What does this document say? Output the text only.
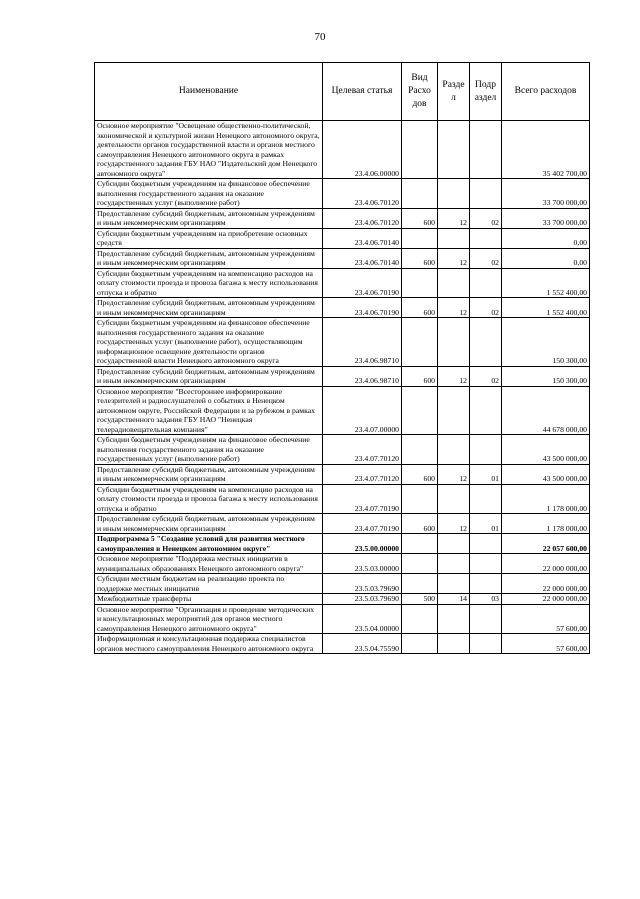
70
Наименование	Целевая статья	Вид Расхо дов	Разде л	Подр аздел	Всего расходов
Основное мероприятие "Освещение общественно-политической, экономической и культурной жизни Ненецкого автономного округа, деятельности органов государственной власти и органов местного самоуправления Ненецкого автономного округа в рамках государственного задания ГБУ НАО "Издательский дом Ненецкого автономного округа"	23.4.06.00000				35 402 700,00
Субсидии бюджетным учреждениям на финансовое обеспечение выполнения государственного задания на оказание государственных услуг (выполнение работ)	23.4.06.70120				33 700 000,00
Предоставление субсидий бюджетным, автономным учреждениям и иным некоммерческим организациям	23.4.06.70120	600	12	02	33 700 000,00
Субсидии бюджетным учреждениям на приобретение основных средств	23.4.06.70140				0,00
Предоставление субсидий бюджетным, автономным учреждениям и иным некоммерческим организациям	23.4.06.70140	600	12	02	0,00
Субсидии бюджетным учреждениям на компенсацию расходов на оплату стоимости проезда и провоза багажа к месту использования отпуска и обратно	23.4.06.70190				1 552 400,00
Предоставление субсидий бюджетным, автономным учреждениям и иным некоммерческим организациям	23.4.06.70190	600	12	02	1 552 400,00
Субсидии бюджетным учреждениям на финансовое обеспечение выполнения государственного задания на оказание государственных услуг (выполнение работ), осуществляющим информационное освещение деятельности органов государственной власти Ненецкого автономного округа	23.4.06.98710				150 300,00
Предоставление субсидий бюджетным, автономным учреждениям и иным некоммерческим организациям	23.4.06.98710	600	12	02	150 300,00
Основное мероприятие "Всестороннее информирование телезрителей и радиослушателей о событиях в Ненецком автономном округе, Российской Федерации и за рубежом в рамках государственного задания ГБУ НАО "Ненецкая телерадиовещательная компания"	23.4.07.00000				44 678 000,00
Субсидии бюджетным учреждениям на финансовое обеспечение выполнения государственного задания на оказание государственных услуг (выполнение работ)	23.4.07.70120				43 500 000,00
Предоставление субсидий бюджетным, автономным учреждениям и иным некоммерческим организациям	23.4.07.70120	600	12	01	43 500 000,00
Субсидии бюджетным учреждениям на компенсацию расходов на оплату стоимости проезда и провоза багажа к месту использования отпуска и обратно	23.4.07.70190				1 178 000,00
Предоставление субсидий бюджетным, автономным учреждениям и иным некоммерческим организациям	23.4.07.70190	600	12	01	1 178 000,00
Подпрограмма 5 "Создание условий для развития местного самоуправления в Ненецком автономном округе"	23.5.00.00000				22 057 600,00
Основное мероприятие "Поддержка местных инициатив в муниципальных образованиях Ненецкого автономного округа"	23.5.03.00000				22 000 000,00
Субсидии местным бюджетам на реализацию проекта по поддержке местных инициатив	23.5.03.79690				22 000 000,00
Межбюджетные трансферты	23.5.03.79690	500	14	03	22 000 000,00
Основное мероприятие "Организация и проведение методических и консультационных мероприятий для органов местного самоуправления Ненецкого автономного округа"	23.5.04.00000				57 600,00
Информационная и консультационная поддержка специалистов органов местного самоуправления Ненецкого автономного округа	23.5.04.75590				57 600,00
